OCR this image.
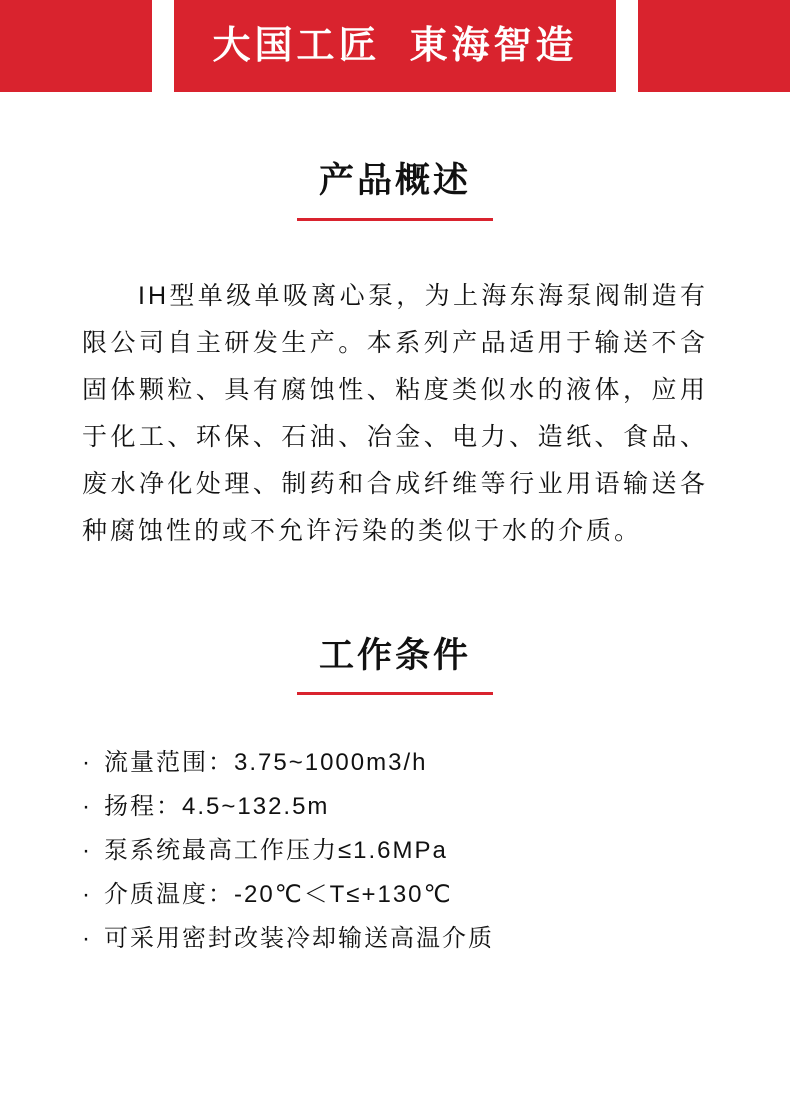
大国工匠  東海智造
产品概述

IH型单级单吸离心泵，为上海东海泵阀制造有限公司自主研发生产。本系列产品适用于输送不含固体颗粒、具有腐蚀性、粘度类似水的液体，应用于化工、环保、石油、冶金、电力、造纸、食品、废水净化处理、制药和合成纤维等行业用语输送各种腐蚀性的或不允许污染的类似于水的介质。

工作条件
· 流量范围：3.75~1000m3/h
· 扬程：4.5~132.5m
· 泵系统最高工作压力≤1.6MPa
· 介质温度：-20℃＜T≤+130℃
· 可采用密封改装冷却输送高温介质
